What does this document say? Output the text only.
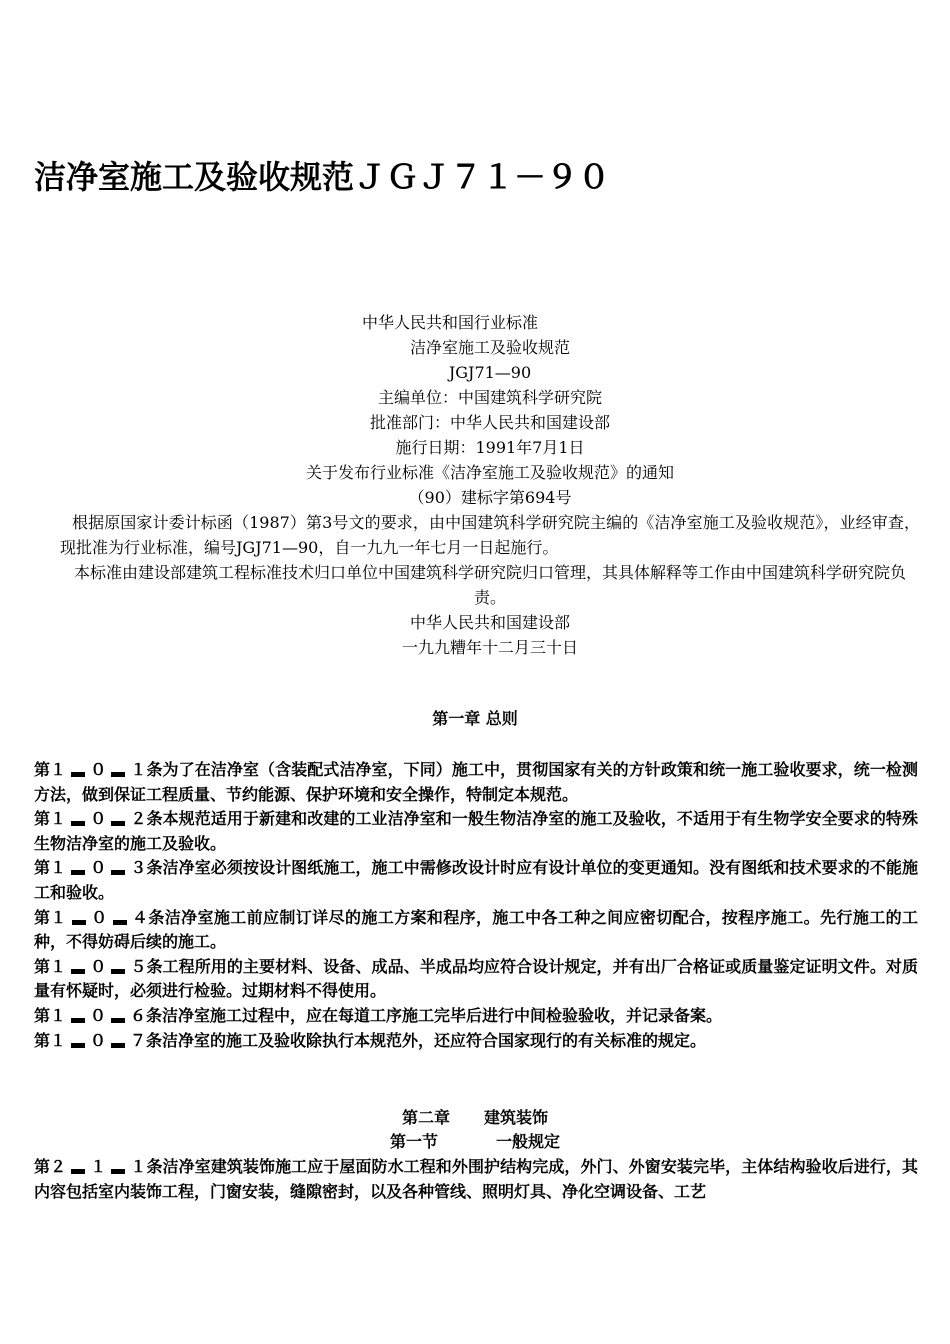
洁净室施工及验收规范ＪＧＪ７１－９０
中华人民共和国行业标准
洁净室施工及验收规范
JGJ71—90
主编单位：中国建筑科学研究院
批准部门：中华人民共和国建设部
施行日期：1991年7月1日
关于发布行业标准《洁净室施工及验收规范》的通知
（90）建标字第694号
根据原国家计委计标函（1987）第3号文的要求，由中国建筑科学研究院主编的《洁净室施工及验收规范》，业经审查，现批准为行业标准，编号JGJ71—90，自一九九一年七月一日起施行。
本标准由建设部建筑工程标准技术归口单位中国建筑科学研究院归口管理，其具体解释等工作由中国建筑科学研究院负责。
中华人民共和国建设部
一九九糟年十二月三十日
第一章 总则
第１ ０ １条为了在洁净室（含装配式洁净室，下同）施工中，贯彻国家有关的方针政策和统一施工验收要求，统一检测方法，做到保证工程质量、节约能源、保护环境和安全操作，特制定本规范。
第１ ０ ２条本规范适用于新建和改建的工业洁净室和一般生物洁净室的施工及验收，不适用于有生物学安全要求的特殊生物洁净室的施工及验收。
第１ ０ ３条洁净室必须按设计图纸施工，施工中需修改设计时应有设计单位的变更通知。没有图纸和技术要求的不能施工和验收。
第１ ０ ４条洁净室施工前应制订详尽的施工方案和程序，施工中各工种之间应密切配合，按程序施工。先行施工的工种，不得妨碍后续的施工。
第１ ０ ５条工程所用的主要材料、设备、成品、半成品均应符合设计规定，并有出厂合格证或质量鉴定证明文件。对质量有怀疑时，必须进行检验。过期材料不得使用。
第１ ０ ６条洁净室施工过程中，应在每道工序施工完毕后进行中间检验验收，并记录备案。
第１ ０ ７条洁净室的施工及验收除执行本规范外，还应符合国家现行的有关标准的规定。
第二章 建筑装饰
第一节	一般规定
第２ １ １条洁净室建筑装饰施工应于屋面防水工程和外围护结构完成，外门、外窗安装完毕，主体结构验收后进行，其内容包括室内装饰工程，门窗安装，缝隙密封，以及各种管线、照明灯具、净化空调设备、工艺
